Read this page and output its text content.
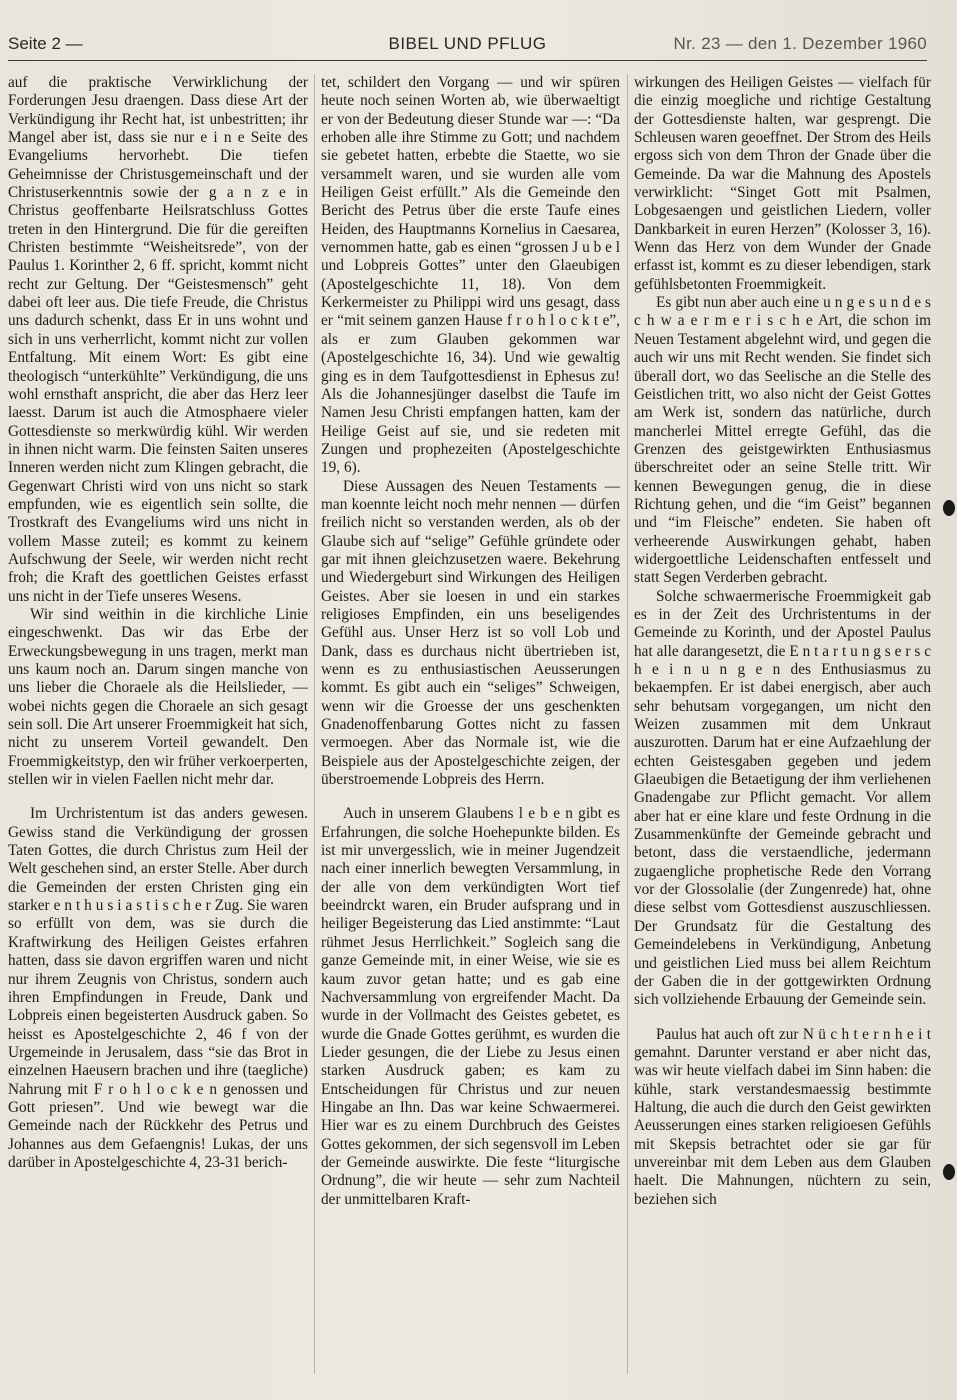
Seite 2 —	BIBEL UND PFLUG	Nr. 23 — den 1. Dezember 1960

auf die praktische Verwirklichung der Forderungen Jesu draengen. Dass diese Art der Verkündigung ihr Recht hat, ist unbestritten; ihr Mangel aber ist, dass sie nur e i n e Seite des Evangeliums hervorhebt. Die tiefen Geheimnisse der Christusgemeinschaft und der Christuserkenntnis sowie der g a n z e in Christus geoffenbarte Heilsratschluss Gottes treten in den Hintergrund. Die für die gereiften Christen bestimmte “Weisheitsrede”, von der Paulus 1. Korinther 2, 6 ff. spricht, kommt nicht recht zur Geltung. Der “Geistesmensch” geht dabei oft leer aus. Die tiefe Freude, die Christus uns dadurch schenkt, dass Er in uns wohnt und sich in uns verherrlicht, kommt nicht zur vollen Entfaltung. Mit einem Wort: Es gibt eine theologisch “unterkühlte” Verkündigung, die uns wohl ernsthaft anspricht, die aber das Herz leer laesst. Darum ist auch die Atmosphaere vieler Gottesdienste so merkwürdig kühl. Wir werden in ihnen nicht warm. Die feinsten Saiten unseres Inneren werden nicht zum Klingen gebracht, die Gegenwart Christi wird von uns nicht so stark empfunden, wie es eigentlich sein sollte, die Trostkraft des Evangeliums wird uns nicht in vollem Masse zuteil; es kommt zu keinem Aufschwung der Seele, wir werden nicht recht froh; die Kraft des goettlichen Geistes erfasst uns nicht in der Tiefe unseres Wesens.

Wir sind weithin in die kirchliche Linie eingeschwenkt. Das wir das Erbe der Erweckungsbewegung in uns tragen, merkt man uns kaum noch an. Darum singen manche von uns lieber die Choraele als die Heilslieder, — wobei nichts gegen die Choraele an sich gesagt sein soll. Die Art unserer Froemmigkeit hat sich, nicht zu unserem Vorteil gewandelt. Den Froemmigkeitstyp, den wir früher verkoerperten, stellen wir in vielen Faellen nicht mehr dar.

Im Urchristentum ist das anders gewesen. Gewiss stand die Verkündigung der grossen Taten Gottes, die durch Christus zum Heil der Welt geschehen sind, an erster Stelle. Aber durch die Gemeinden der ersten Christen ging ein starker e n t h u s i a s t i s c h e r Zug. Sie waren so erfüllt von dem, was sie durch die Kraftwirkung des Heiligen Geistes erfahren hatten, dass sie davon ergriffen waren und nicht nur ihrem Zeugnis von Christus, sondern auch ihren Empfindungen in Freude, Dank und Lobpreis einen begeisterten Ausdruck gaben. So heisst es Apostelgeschichte 2, 46 f von der Urgemeinde in Jerusalem, dass “sie das Brot in einzelnen Haeusern brachen und ihre (taegliche) Nahrung mit F r o h l o c k e n genossen und Gott priesen”. Und wie bewegt war die Gemeinde nach der Rückkehr des Petrus und Johannes aus dem Gefaengnis! Lukas, der uns darüber in Apostelgeschichte 4, 23-31 berich-

tet, schildert den Vorgang — und wir spüren heute noch seinen Worten ab, wie überwaeltigt er von der Bedeutung dieser Stunde war —: “Da erhoben alle ihre Stimme zu Gott; und nachdem sie gebetet hatten, erbebte die Staette, wo sie versammelt waren, und sie wurden alle vom Heiligen Geist erfüllt.” Als die Gemeinde den Bericht des Petrus über die erste Taufe eines Heiden, des Hauptmanns Kornelius in Caesarea, vernommen hatte, gab es einen “grossen J u b e l und Lobpreis Gottes” unter den Glaeubigen (Apostelgeschichte 11, 18). Von dem Kerkermeister zu Philippi wird uns gesagt, dass er “mit seinem ganzen Hause f r o h l o c k t e”, als er zum Glauben gekommen war (Apostelgeschichte 16, 34). Und wie gewaltig ging es in dem Taufgottesdienst in Ephesus zu! Als die Johannesjünger daselbst die Taufe im Namen Jesu Christi empfangen hatten, kam der Heilige Geist auf sie, und sie redeten mit Zungen und prophezeiten (Apostelgeschichte 19, 6).

Diese Aussagen des Neuen Testaments — man koennte leicht noch mehr nennen — dürfen freilich nicht so verstanden werden, als ob der Glaube sich auf “selige” Gefühle gründete oder gar mit ihnen gleichzusetzen waere. Bekehrung und Wiedergeburt sind Wirkungen des Heiligen Geistes. Aber sie loesen in und ein starkes religioses Empfinden, ein uns beseligendes Gefühl aus. Unser Herz ist so voll Lob und Dank, dass es durchaus nicht übertrieben ist, wenn es zu enthusiastischen Aeusserungen kommt. Es gibt auch ein “seliges” Schweigen, wenn wir die Groesse der uns geschenkten Gnadenoffenbarung Gottes nicht zu fassen vermoegen. Aber das Normale ist, wie die Beispiele aus der Apostelgeschichte zeigen, der überstroemende Lobpreis des Herrn.

Auch in unserem Glaubens l e b e n gibt es Erfahrungen, die solche Hoehepunkte bilden. Es ist mir unvergesslich, wie in meiner Jugendzeit nach einer innerlich bewegten Versammlung, in der alle von dem verkündigten Wort tief beeindrckt waren, ein Bruder aufsprang und in heiliger Begeisterung das Lied anstimmte: “Laut rühmet Jesus Herrlichkeit.” Sogleich sang die ganze Gemeinde mit, in einer Weise, wie sie es kaum zuvor getan hatte; und es gab eine Nachversammlung von ergreifender Macht. Da wurde in der Vollmacht des Geistes gebetet, es wurde die Gnade Gottes gerühmt, es wurden die Lieder gesungen, die der Liebe zu Jesus einen starken Ausdruck gaben; es kam zu Entscheidungen für Christus und zur neuen Hingabe an Ihn. Das war keine Schwaermerei. Hier war es zu einem Durchbruch des Geistes Gottes gekommen, der sich segensvoll im Leben der Gemeinde auswirkte. Die feste “liturgische Ordnung”, die wir heute — sehr zum Nachteil der unmittelbaren Kraft-

wirkungen des Heiligen Geistes — vielfach für die einzig moegliche und richtige Gestaltung der Gottesdienste halten, war gesprengt. Die Schleusen waren geoeffnet. Der Strom des Heils ergoss sich von dem Thron der Gnade über die Gemeinde. Da war die Mahnung des Apostels verwirklicht: “Singet Gott mit Psalmen, Lobgesaengen und geistlichen Liedern, voller Dankbarkeit in euren Herzen” (Kolosser 3, 16). Wenn das Herz von dem Wunder der Gnade erfasst ist, kommt es zu dieser lebendigen, stark gefühlsbetonten Froemmigkeit.

Es gibt nun aber auch eine u n g e s u n d e s c h w a e r m e r i s c h e Art, die schon im Neuen Testament abgelehnt wird, und gegen die auch wir uns mit Recht wenden. Sie findet sich überall dort, wo das Seelische an die Stelle des Geistlichen tritt, wo also nicht der Geist Gottes am Werk ist, sondern das natürliche, durch mancherlei Mittel erregte Gefühl, das die Grenzen des geistgewirkten Enthusiasmus überschreitet oder an seine Stelle tritt. Wir kennen Bewegungen genug, die in diese Richtung gehen, und die “im Geist” begannen und “im Fleische” endeten. Sie haben oft verheerende Auswirkungen gehabt, haben widergoettliche Leidenschaften entfesselt und statt Segen Verderben gebracht.

Solche schwaermerische Froemmigkeit gab es in der Zeit des Urchristentums in der Gemeinde zu Korinth, und der Apostel Paulus hat alle darangesetzt, die E n t a r t u n g s e r s c h e i n u n g e n des Enthusiasmus zu bekaempfen. Er ist dabei energisch, aber auch sehr behutsam vorgegangen, um nicht den Weizen zusammen mit dem Unkraut auszurotten. Darum hat er eine Aufzaehlung der echten Geistesgaben gegeben und jedem Glaeubigen die Betaetigung der ihm verliehenen Gnadengabe zur Pflicht gemacht. Vor allem aber hat er eine klare und feste Ordnung in die Zusammenkünfte der Gemeinde gebracht und betont, dass die verstaendliche, jedermann zugaengliche prophetische Rede den Vorrang vor der Glossolalie (der Zungenrede) hat, ohne diese selbst vom Gottesdienst auszuschliessen. Der Grundsatz für die Gestaltung des Gemeindelebens in Verkündigung, Anbetung und geistlichen Lied muss bei allem Reichtum der Gaben die in der gottgewirkten Ordnung sich vollziehende Erbauung der Gemeinde sein.

Paulus hat auch oft zur N ü c h t e r n h e i t gemahnt. Darunter verstand er aber nicht das, was wir heute vielfach dabei im Sinn haben: die kühle, stark verstandesmaessig bestimmte Haltung, die auch die durch den Geist gewirkten Aeusserungen eines starken religioesen Gefühls mit Skepsis betrachtet oder sie gar für unvereinbar mit dem Leben aus dem Glauben haelt. Die Mahnungen, nüchtern zu sein, beziehen sich
